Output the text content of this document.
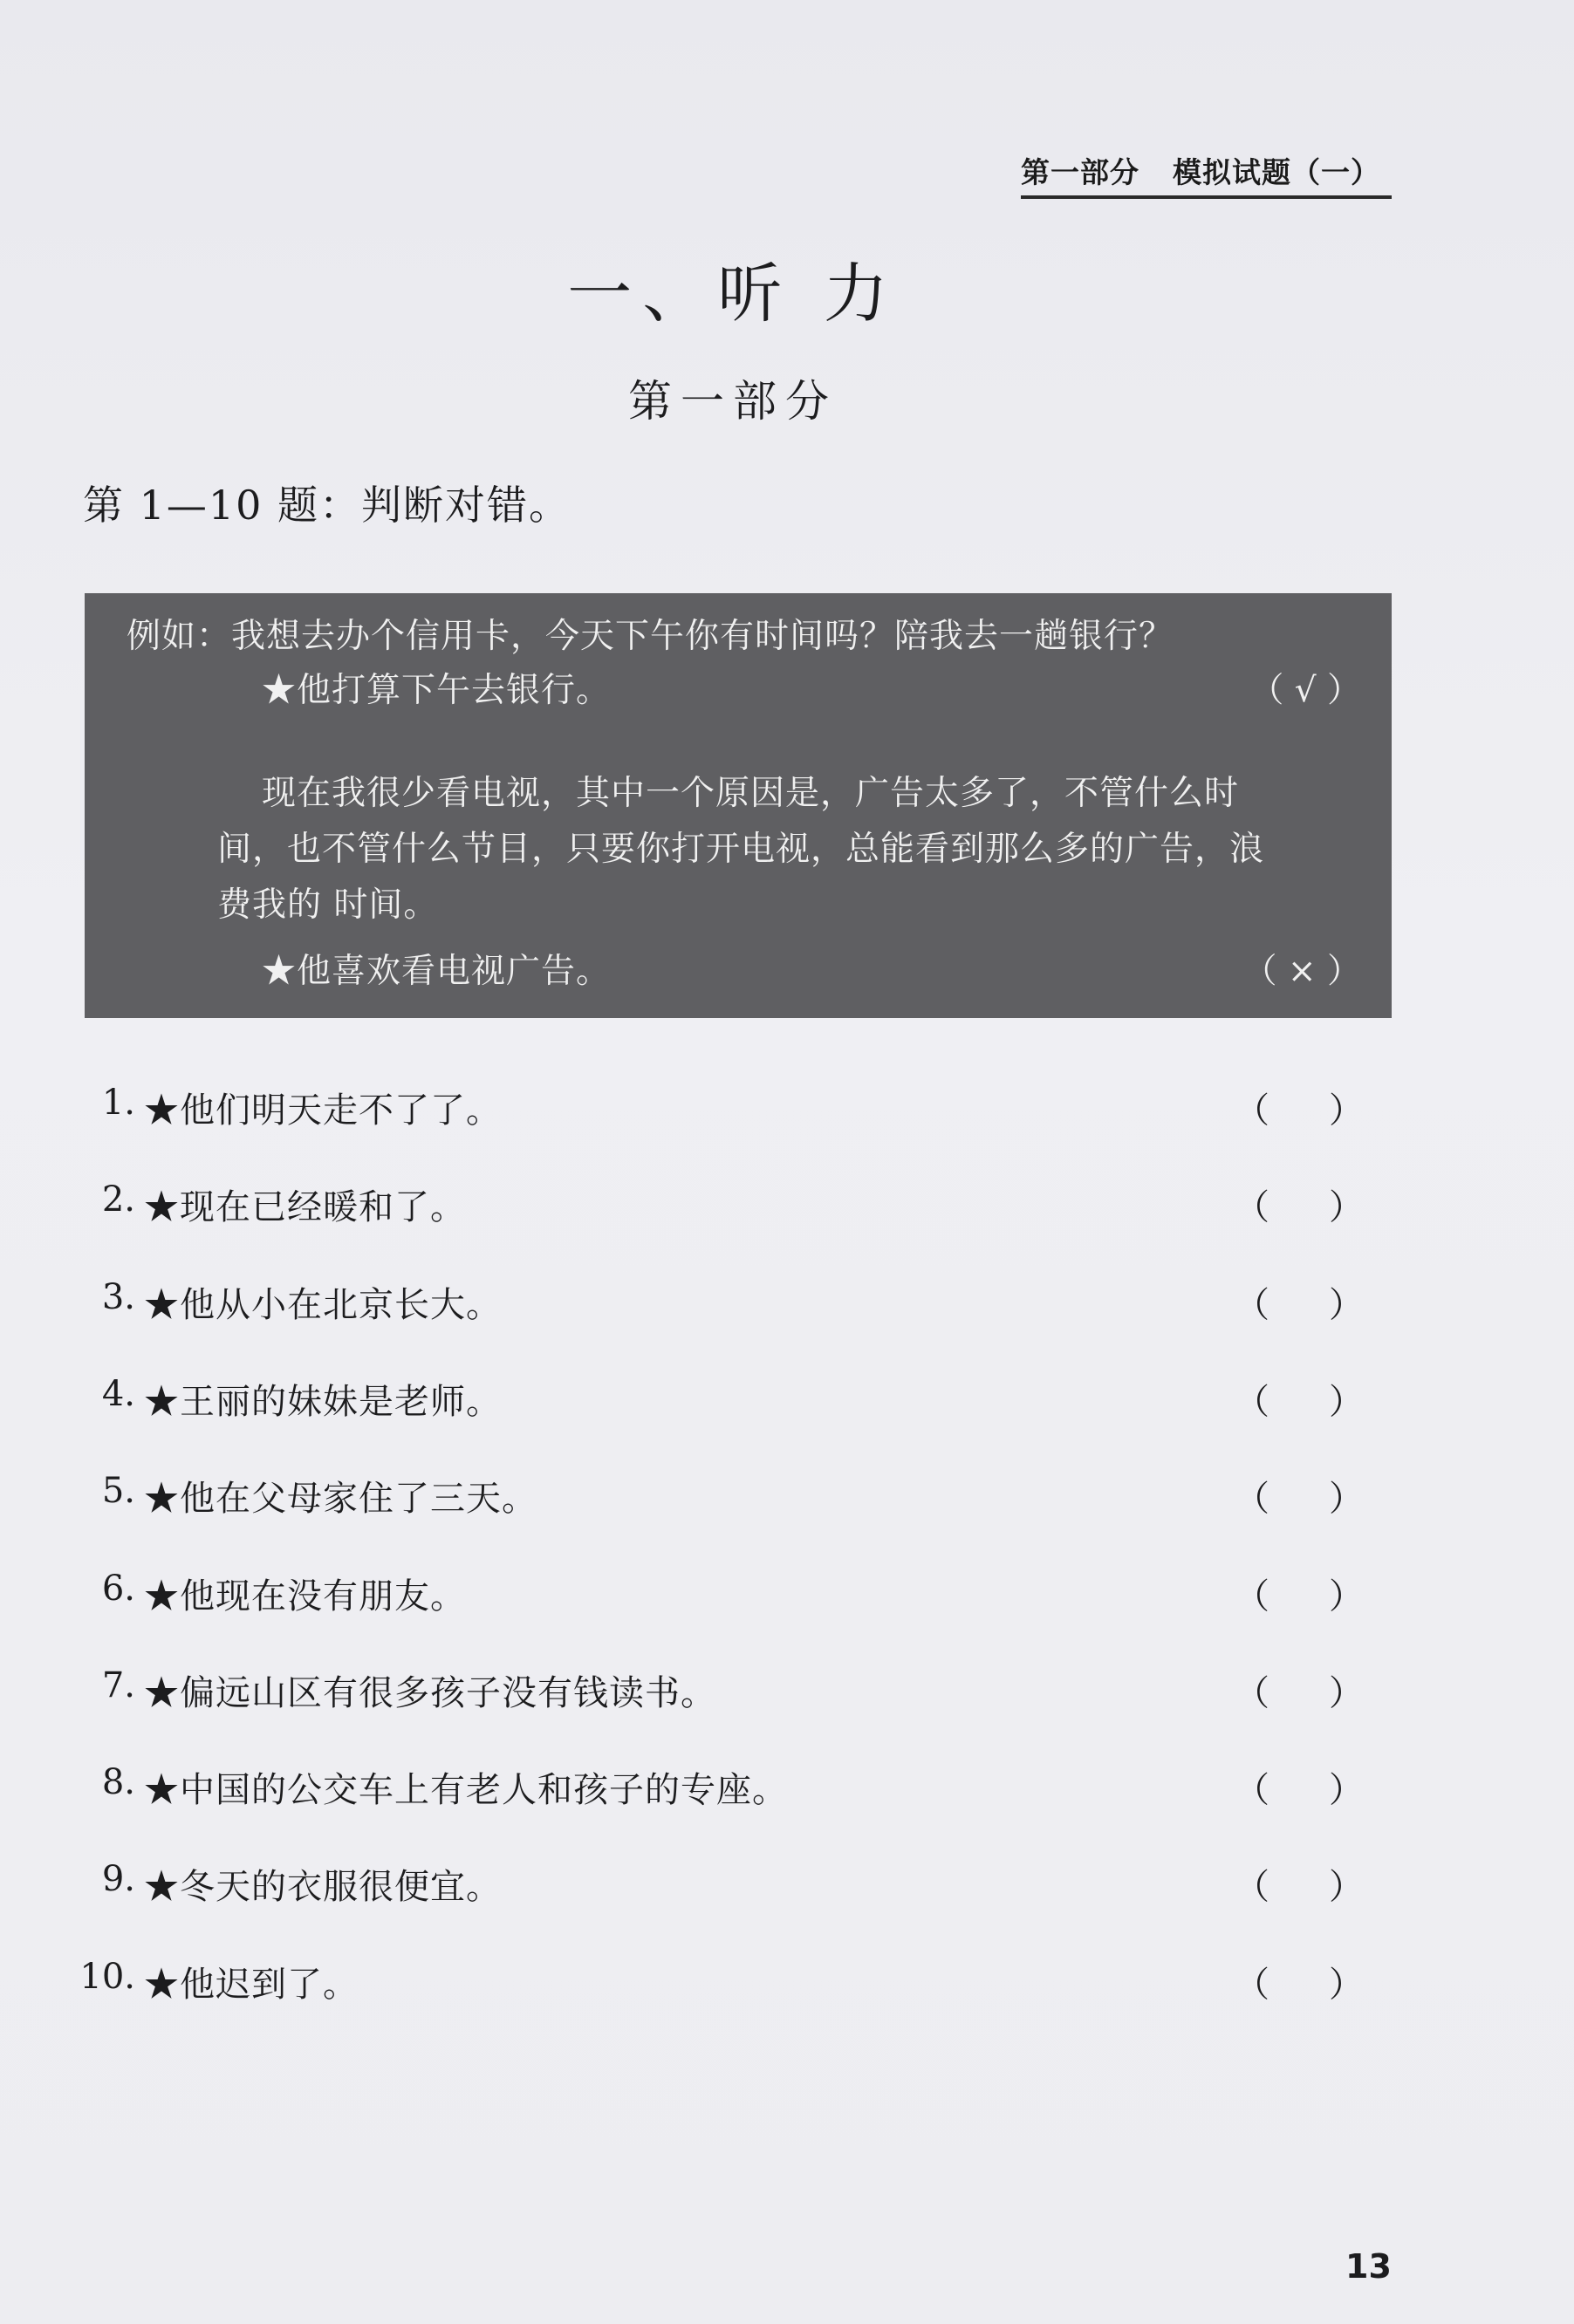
第一部分 模拟试题（一）
一、听 力
第一部分
第 1—10 题：判断对错。
例如：我想去办个信用卡，今天下午你有时间吗？陪我去一趟银行？
★他打算下午去银行。	（ √ ）
现在我很少看电视，其中一个原因是，广告太多了，不管什么时
间，也不管什么节目，只要你打开电视，总能看到那么多的广告，浪
费我的 时间。
★他喜欢看电视广告。	（ × ）
1. ★他们明天走不了了。	（ ）
2. ★现在已经暖和了。	（ ）
3. ★他从小在北京长大。	（ ）
4. ★王丽的妹妹是老师。	（ ）
5. ★他在父母家住了三天。	（ ）
6. ★他现在没有朋友。	（ ）
7. ★偏远山区有很多孩子没有钱读书。	（ ）
8. ★中国的公交车上有老人和孩子的专座。	（ ）
9. ★冬天的衣服很便宜。	（ ）
10. ★他迟到了。	（ ）
13
